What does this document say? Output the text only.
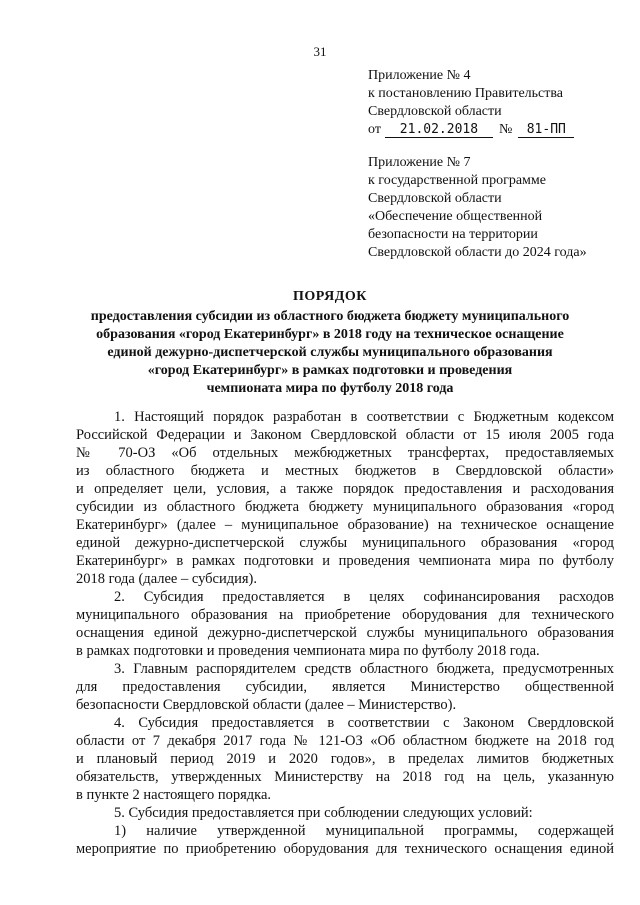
31
Приложение № 4
к постановлению Правительства
Свердловской области
от 21.02.2018 № 81-ПП
Приложение № 7
к государственной программе
Свердловской области
«Обеспечение общественной
безопасности на территории
Свердловской области до 2024 года»
ПОРЯДОК
предоставления субсидии из областного бюджета бюджету муниципального
образования «город Екатеринбург» в 2018 году на техническое оснащение
единой дежурно-диспетчерской службы муниципального образования
«город Екатеринбург» в рамках подготовки и проведения
чемпионата мира по футболу 2018 года
1. Настоящий порядок разработан в соответствии с Бюджетным кодексом
Российской Федерации и Законом Свердловской области от 15 июля 2005 года
№ 70-ОЗ «Об отдельных межбюджетных трансфертах, предоставляемых
из областного бюджета и местных бюджетов в Свердловской области»
и определяет цели, условия, а также порядок предоставления и расходования
субсидии из областного бюджета бюджету муниципального образования «город
Екатеринбург» (далее – муниципальное образование) на техническое оснащение
единой дежурно-диспетчерской службы муниципального образования «город
Екатеринбург» в рамках подготовки и проведения чемпионата мира по футболу
2018 года (далее – субсидия).
2. Субсидия предоставляется в целях софинансирования расходов
муниципального образования на приобретение оборудования для технического
оснащения единой дежурно-диспетчерской службы муниципального образования
в рамках подготовки и проведения чемпионата мира по футболу 2018 года.
3. Главным распорядителем средств областного бюджета, предусмотренных
для предоставления субсидии, является Министерство общественной
безопасности Свердловской области (далее – Министерство).
4. Субсидия предоставляется в соответствии с Законом Свердловской
области от 7 декабря 2017 года № 121-ОЗ «Об областном бюджете на 2018 год
и плановый период 2019 и 2020 годов», в пределах лимитов бюджетных
обязательств, утвержденных Министерству на 2018 год на цель, указанную
в пункте 2 настоящего порядка.
5. Субсидия предоставляется при соблюдении следующих условий:
1) наличие утвержденной муниципальной программы, содержащей
мероприятие по приобретению оборудования для технического оснащения единой
